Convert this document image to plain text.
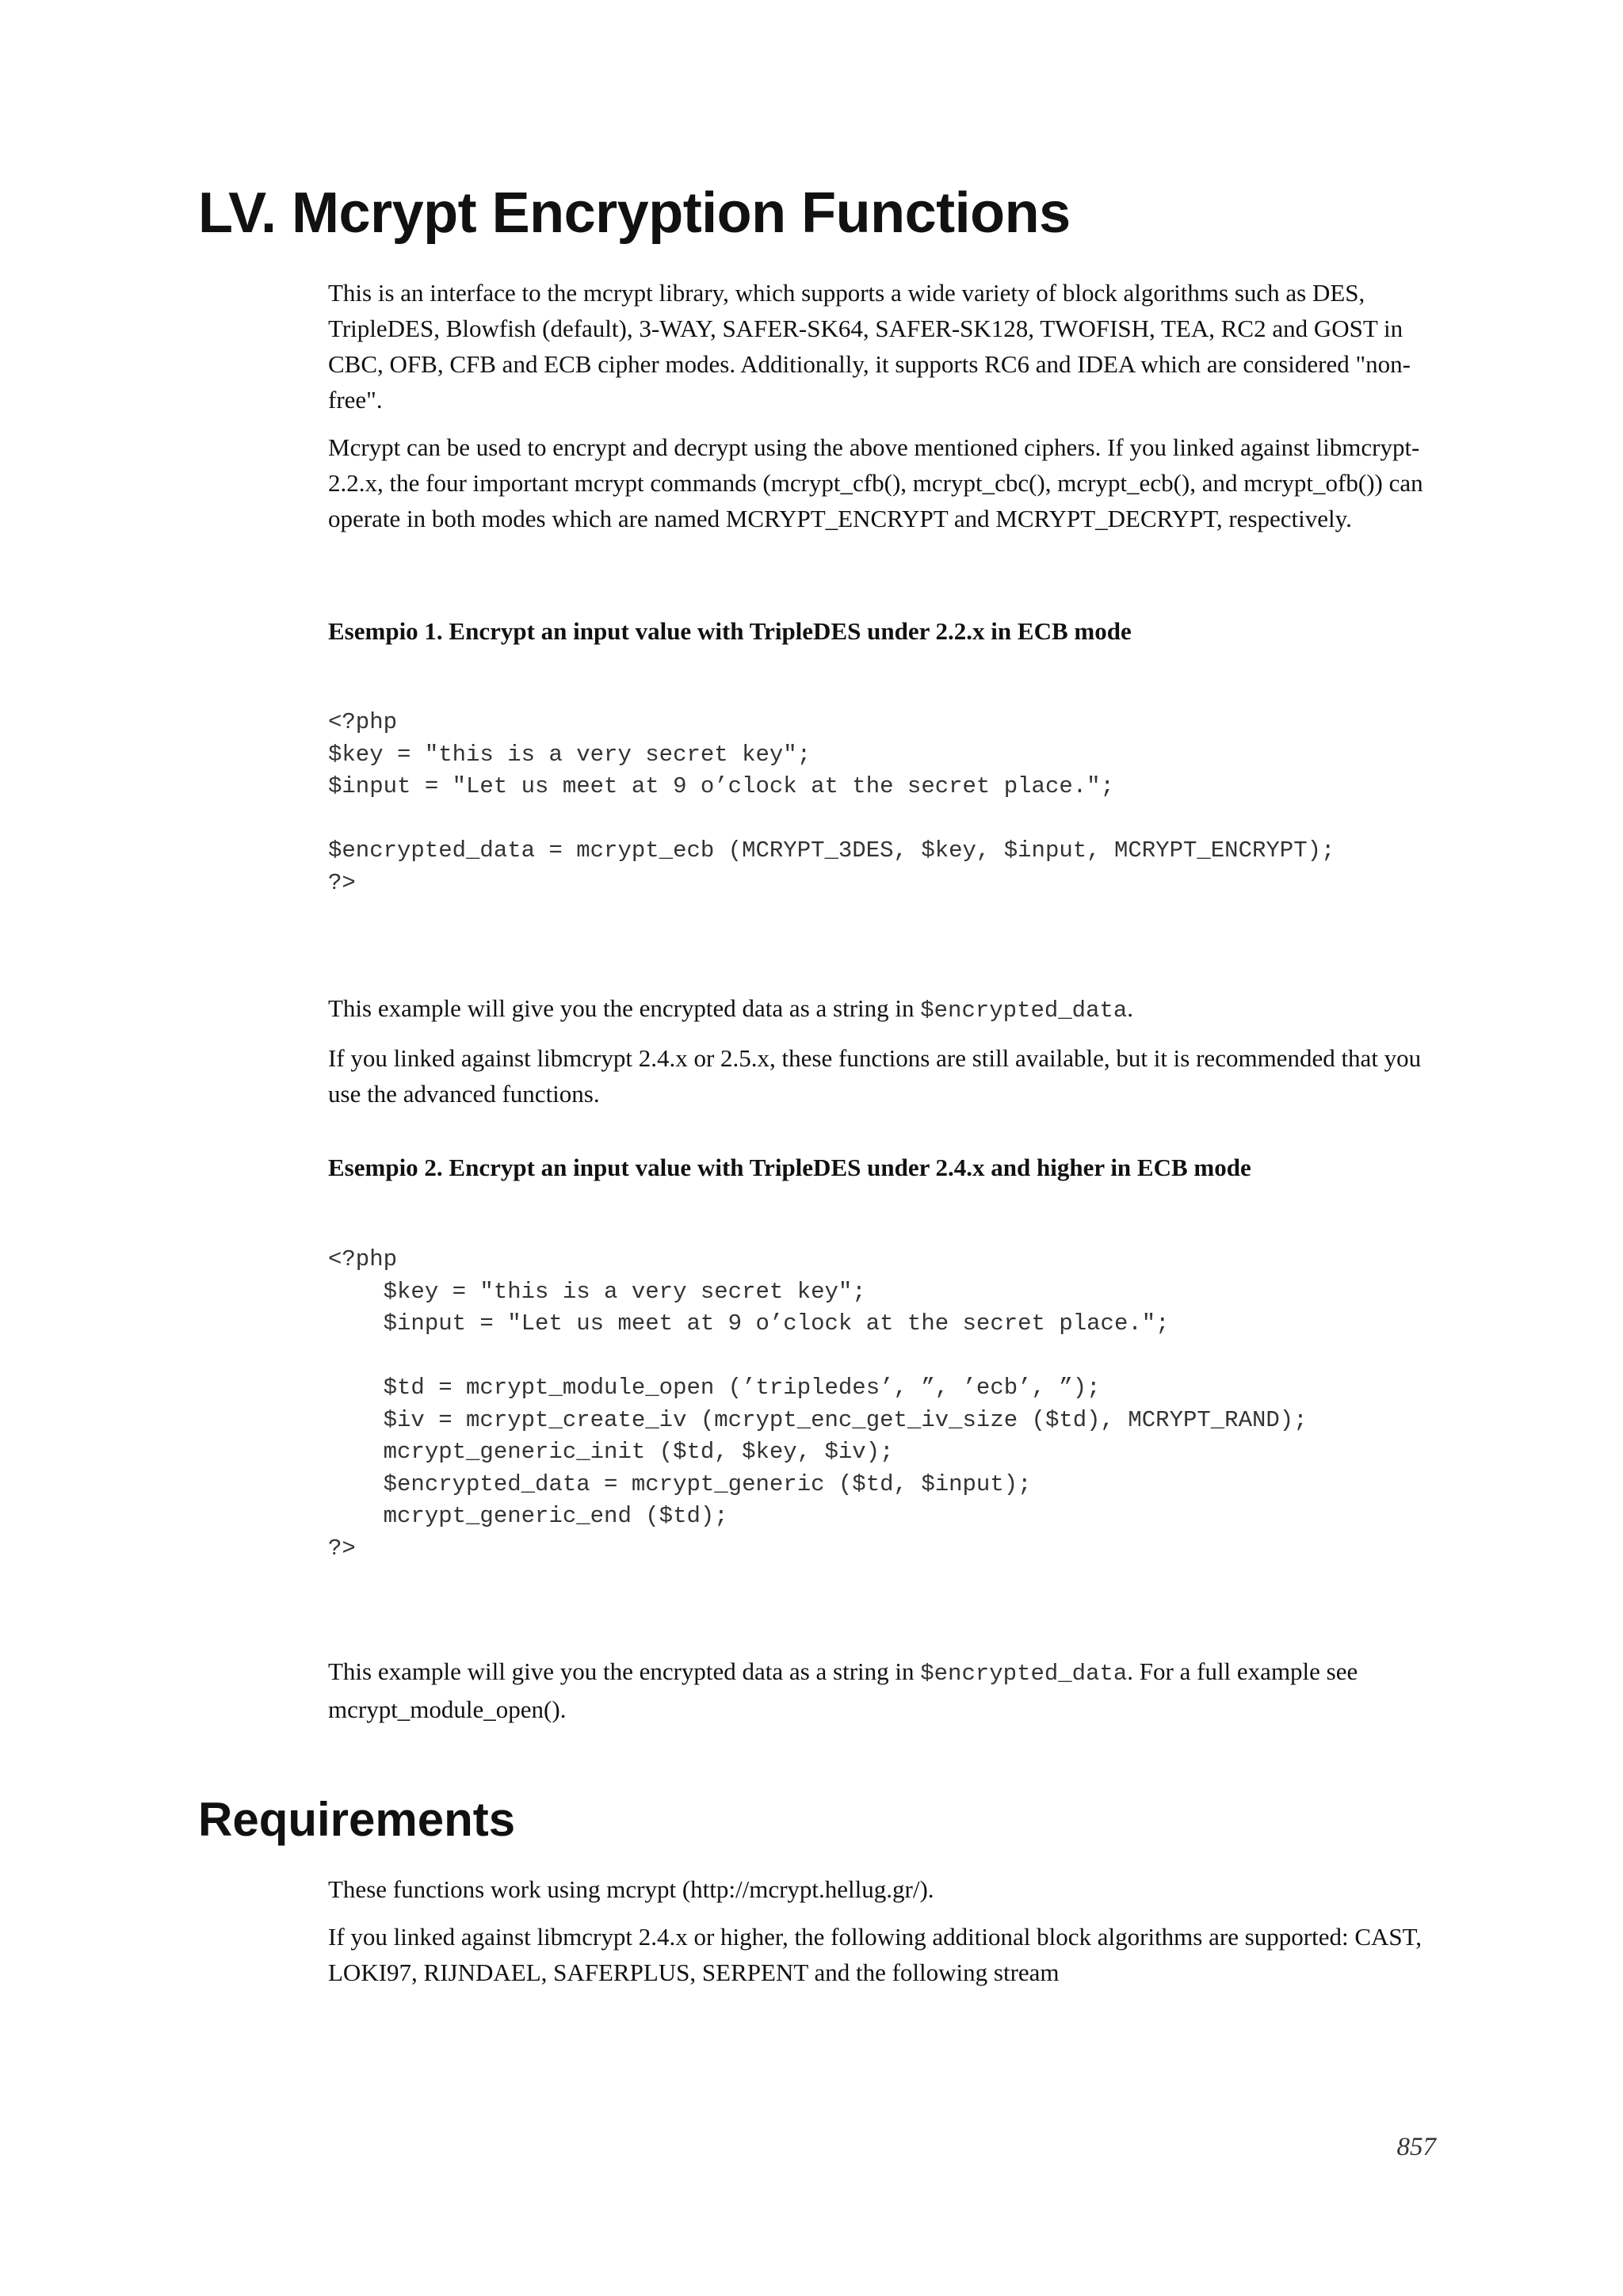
LV. Mcrypt Encryption Functions

This is an interface to the mcrypt library, which supports a wide variety of block algorithms such as DES, TripleDES, Blowfish (default), 3-WAY, SAFER-SK64, SAFER-SK128, TWOFISH, TEA, RC2 and GOST in CBC, OFB, CFB and ECB cipher modes. Additionally, it supports RC6 and IDEA which are considered "non-free".

Mcrypt can be used to encrypt and decrypt using the above mentioned ciphers. If you linked against libmcrypt-2.2.x, the four important mcrypt commands (mcrypt_cfb(), mcrypt_cbc(), mcrypt_ecb(), and mcrypt_ofb()) can operate in both modes which are named MCRYPT_ENCRYPT and MCRYPT_DECRYPT, respectively.

Esempio 1. Encrypt an input value with TripleDES under 2.2.x in ECB mode

<?php
$key = "this is a very secret key";
$input = "Let us meet at 9 o’clock at the secret place.";

$encrypted_data = mcrypt_ecb (MCRYPT_3DES, $key, $input, MCRYPT_ENCRYPT);
?>

This example will give you the encrypted data as a string in $encrypted_data.

If you linked against libmcrypt 2.4.x or 2.5.x, these functions are still available, but it is recommended that you use the advanced functions.

Esempio 2. Encrypt an input value with TripleDES under 2.4.x and higher in ECB mode

<?php
$key = "this is a very secret key";
$input = "Let us meet at 9 o’clock at the secret place.";

$td = mcrypt_module_open (’tripledes’, ”, ’ecb’, ”);
$iv = mcrypt_create_iv (mcrypt_enc_get_iv_size ($td), MCRYPT_RAND);
mcrypt_generic_init ($td, $key, $iv);
$encrypted_data = mcrypt_generic ($td, $input);
mcrypt_generic_end ($td);
?>

This example will give you the encrypted data as a string in $encrypted_data. For a full example see mcrypt_module_open().

Requirements

These functions work using mcrypt (http://mcrypt.hellug.gr/).

If you linked against libmcrypt 2.4.x or higher, the following additional block algorithms are supported: CAST, LOKI97, RIJNDAEL, SAFERPLUS, SERPENT and the following stream

857
